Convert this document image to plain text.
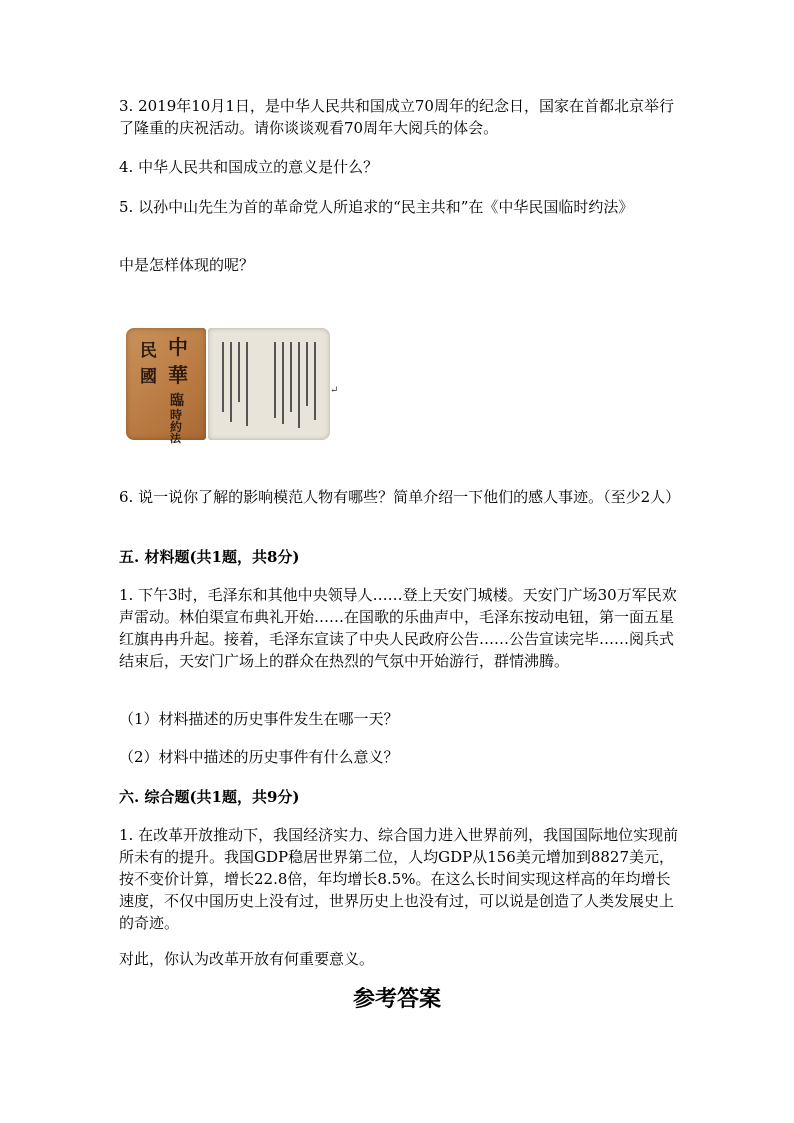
3. 2019年10月1日，是中华人民共和国成立70周年的纪念日，国家在首都北京举行了隆重的庆祝活动。请你谈谈观看70周年大阅兵的体会。

4. 中华人民共和国成立的意义是什么？

5. 以孙中山先生为首的革命党人所追求的“民主共和”在《中华民国临时约法》

中是怎样体现的呢？

中
華
民
國
臨
時
約
法
↵

6. 说一说你了解的影响模范人物有哪些？简单介绍一下他们的感人事迹。（至少2人）

五. 材料题(共1题，共8分)

1. 下午3时，毛泽东和其他中央领导人……登上天安门城楼。天安门广场30万军民欢声雷动。林伯渠宣布典礼开始……在国歌的乐曲声中，毛泽东按动电钮，第一面五星红旗冉冉升起。接着，毛泽东宣读了中央人民政府公告……公告宣读完毕……阅兵式结束后，天安门广场上的群众在热烈的气氛中开始游行，群情沸腾。

（1）材料描述的历史事件发生在哪一天？

（2）材料中描述的历史事件有什么意义？

六. 综合题(共1题，共9分)

1. 在改革开放推动下，我国经济实力、综合国力进入世界前列，我国国际地位实现前所未有的提升。我国GDP稳居世界第二位，人均GDP从156美元增加到8827美元，按不变价计算，增长22.8倍，年均增长8.5%。在这么长时间实现这样高的年均增长速度，不仅中国历史上没有过，世界历史上也没有过，可以说是创造了人类发展史上的奇迹。

对此，你认为改革开放有何重要意义。

参考答案
